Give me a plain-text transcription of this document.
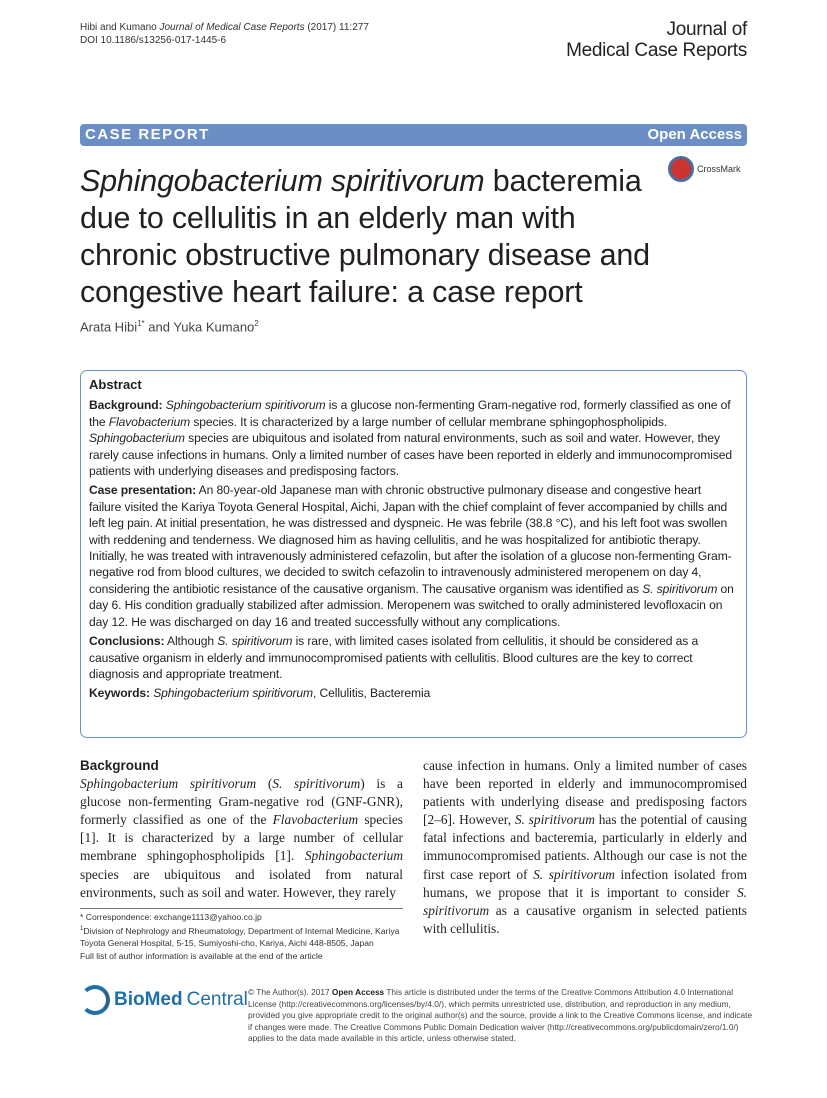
Hibi and Kumano Journal of Medical Case Reports (2017) 11:277
DOI 10.1186/s13256-017-1445-6
Journal of
Medical Case Reports
CASE REPORT	Open Access
CrossMark
Sphingobacterium spiritivorum bacteremia due to cellulitis in an elderly man with chronic obstructive pulmonary disease and congestive heart failure: a case report
Arata Hibi$^{1*}$ and Yuka Kumano$^2$
Abstract

Background: Sphingobacterium spiritivorum is a glucose non-fermenting Gram-negative rod, formerly classified as one of the Flavobacterium species. It is characterized by a large number of cellular membrane sphingophospholipids. Sphingobacterium species are ubiquitous and isolated from natural environments, such as soil and water. However, they rarely cause infections in humans. Only a limited number of cases have been reported in elderly and immunocompromised patients with underlying diseases and predisposing factors.

Case presentation: An 80-year-old Japanese man with chronic obstructive pulmonary disease and congestive heart failure visited the Kariya Toyota General Hospital, Aichi, Japan with the chief complaint of fever accompanied by chills and left leg pain. At initial presentation, he was distressed and dyspneic. He was febrile (38.8 °C), and his left foot was swollen with reddening and tenderness. We diagnosed him as having cellulitis, and he was hospitalized for antibiotic therapy. Initially, he was treated with intravenously administered cefazolin, but after the isolation of a glucose non-fermenting Gram-negative rod from blood cultures, we decided to switch cefazolin to intravenously administered meropenem on day 4, considering the antibiotic resistance of the causative organism. The causative organism was identified as S. spiritivorum on day 6. His condition gradually stabilized after admission. Meropenem was switched to orally administered levofloxacin on day 12. He was discharged on day 16 and treated successfully without any complications.

Conclusions: Although S. spiritivorum is rare, with limited cases isolated from cellulitis, it should be considered as a causative organism in elderly and immunocompromised patients with cellulitis. Blood cultures are the key to correct diagnosis and appropriate treatment.

Keywords: Sphingobacterium spiritivorum, Cellulitis, Bacteremia

Background

Sphingobacterium spiritivorum (S. spiritivorum) is a glucose non-fermenting Gram-negative rod (GNF-GNR), formerly classified as one of the Flavobacterium species [1]. It is characterized by a large number of cellular membrane sphingophospholipids [1]. Sphingobacterium species are ubiquitous and isolated from natural environments, such as soil and water. However, they rarely

cause infection in humans. Only a limited number of cases have been reported in elderly and immunocompromised patients with underlying disease and predisposing factors [2–6]. However, S. spiritivorum has the potential of causing fatal infections and bacteremia, particularly in elderly and immunocompromised patients. Although our case is not the first case report of S. spiritivorum infection isolated from humans, we propose that it is important to consider S. spiritivorum as a causative organism in selected patients with cellulitis.

* Correspondence: exchange1113@yahoo.co.jp
$^1$Division of Nephrology and Rheumatology, Department of Internal Medicine, Kariya Toyota General Hospital, 5-15, Sumiyoshi-cho, Kariya, Aichi 448-8505, Japan
Full list of author information is available at the end of the article
BioMed Central © The Author(s). 2017 Open Access This article is distributed under the terms of the Creative Commons Attribution 4.0 International License (http://creativecommons.org/licenses/by/4.0/), which permits unrestricted use, distribution, and reproduction in any medium, provided you give appropriate credit to the original author(s) and the source, provide a link to the Creative Commons license, and indicate if changes were made. The Creative Commons Public Domain Dedication waiver (http://creativecommons.org/publicdomain/zero/1.0/) applies to the data made available in this article, unless otherwise stated.
